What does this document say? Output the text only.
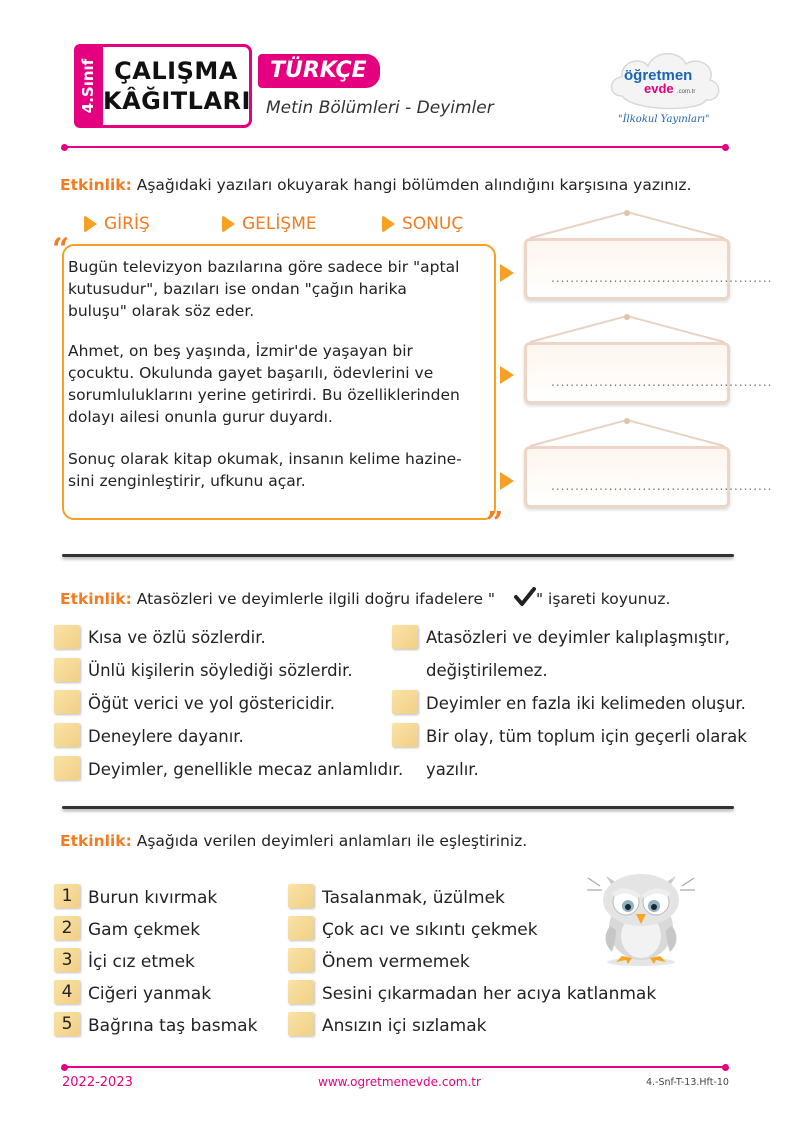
4.Sınıf ÇALIŞMA
KÂĞITLARI
TÜRKÇE
Metin Bölümleri - Deyimler
öğretmen
evde .com.tr
"İlkokul Yayınları"
Etkinlik: Aşağıdaki yazıları okuyarak hangi bölümden alındığını karşısına yazınız.
GİRİŞ	GELİŞME	SONUÇ
“
”
Bugün televizyon bazılarına göre sadece bir "aptal
kutusudur", bazıları ise ondan "çağın harika
buluşu" olarak söz eder.
Ahmet, on beş yaşında, İzmir'de yaşayan bir
çocuktu. Okulunda gayet başarılı, ödevlerini ve
sorumluluklarını yerine getirirdi. Bu özelliklerinden
dolayı ailesi onunla gurur duyardı.
Sonuç olarak kitap okumak, insanın kelime hazine-
sini zenginleştirir, ufkunu açar.
..............................................
..............................................
..............................................
Etkinlik: Atasözleri ve deyimlerle ilgili doğru ifadelere "	" işareti koyunuz.
Kısa ve özlü sözlerdir.
Ünlü kişilerin söylediği sözlerdir.
Öğüt verici ve yol göstericidir.
Deneylere dayanır.
Deyimler, genellikle mecaz anlamlıdır.
Atasözleri ve deyimler kalıplaşmıştır,
değiştirilemez.
Deyimler en fazla iki kelimeden oluşur.
Bir olay, tüm toplum için geçerli olarak
yazılır.
Etkinlik: Aşağıda verilen deyimleri anlamları ile eşleştiriniz.
1 Burun kıvırmak
2 Gam çekmek
3 İçi cız etmek
4 Ciğeri yanmak
5 Bağrına taş basmak
Tasalanmak, üzülmek
Çok acı ve sıkıntı çekmek
Önem vermemek
Sesini çıkarmadan her acıya katlanmak
Ansızın içi sızlamak
2022-2023	www.ogretmenevde.com.tr	4.-Snf-T-13.Hft-10
